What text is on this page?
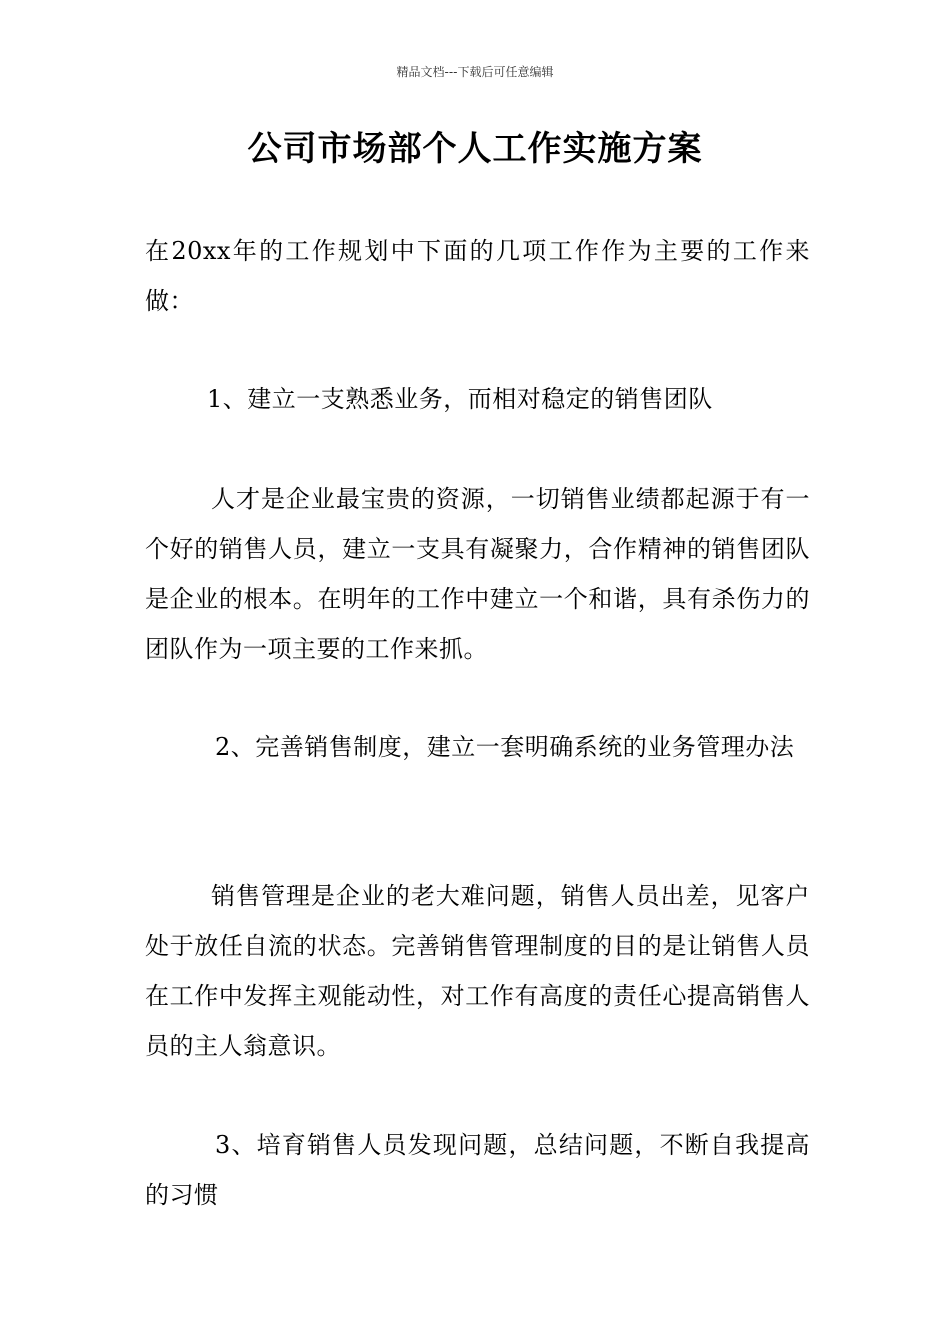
精品文档---下载后可任意编辑
公司市场部个人工作实施方案
在20xx年的工作规划中下面的几项工作作为主要的工作来做：
1、建立一支熟悉业务，而相对稳定的销售团队
人才是企业最宝贵的资源，一切销售业绩都起源于有一个好的销售人员，建立一支具有凝聚力，合作精神的销售团队是企业的根本。在明年的工作中建立一个和谐，具有杀伤力的团队作为一项主要的工作来抓。
2、完善销售制度，建立一套明确系统的业务管理办法
销售管理是企业的老大难问题，销售人员出差，见客户处于放任自流的状态。完善销售管理制度的目的是让销售人员在工作中发挥主观能动性，对工作有高度的责任心提高销售人员的主人翁意识。
3、培育销售人员发现问题，总结问题，不断自我提高的习惯
